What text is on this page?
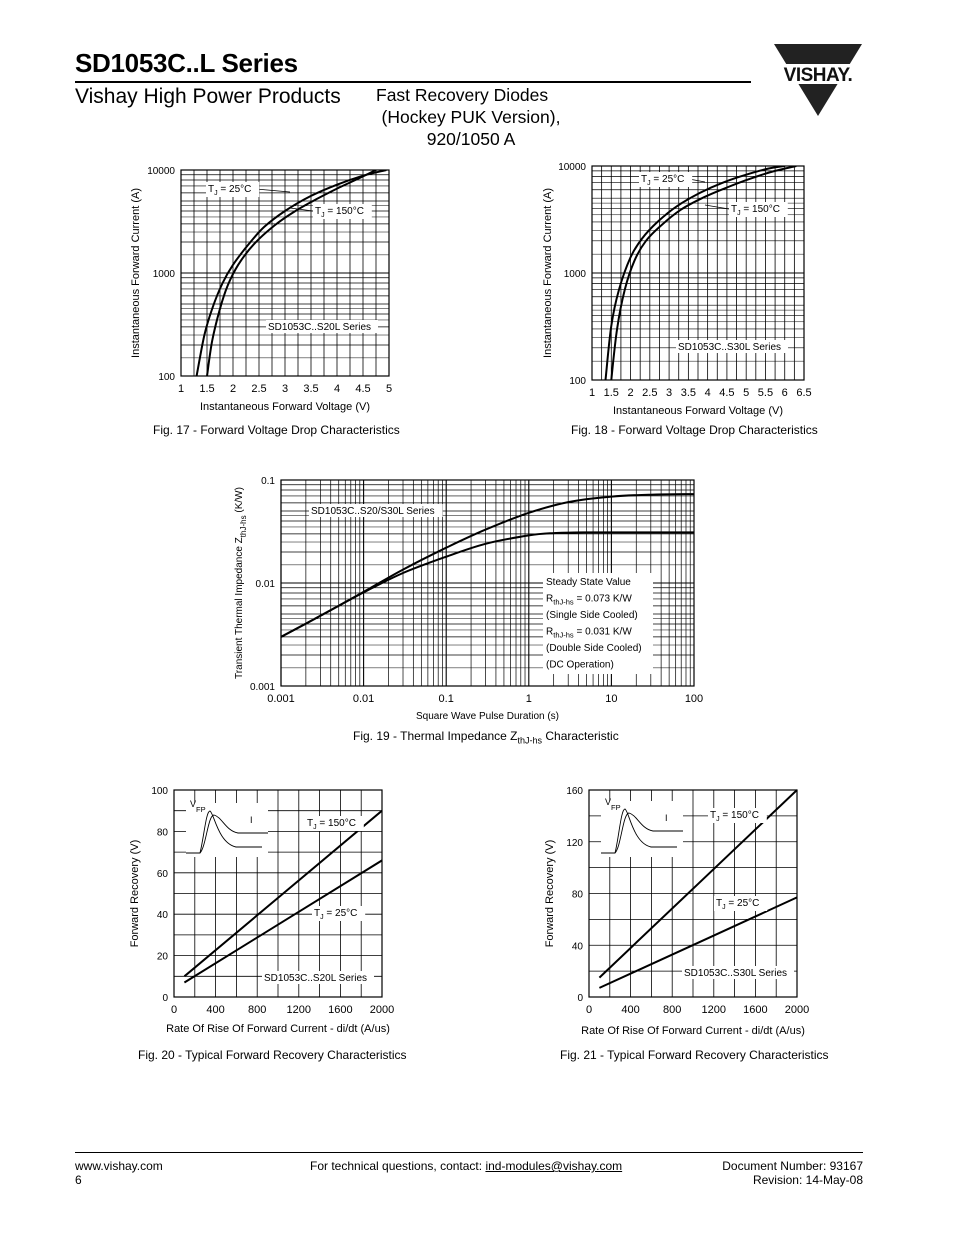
SD1053C..L Series
Vishay High Power Products Fast Recovery Diodes
(Hockey PUK Version),
920/1050 A
VISHAY.
1 1.5 2 2.5 3 3.5 4 4.5 5
100
1000
10000
Instantaneous Forward Voltage (V)
Instantaneous Forward Current (A)	SD1053C..S20L Series
$T_J = 25^\circ C$
$T_J = 150^\circ C$
Fig. 17 - Forward Voltage Drop Characteristics
1 1.5 2 2.5 3 3.5 4 4.5 5 5.5 6 6.5
100
1000
10000
Instantaneous Forward Voltage (V)
Instantaneous Forward Current (A)	SD1053C..S30L Series
$T_J = 25^\circ C$
$T_J = 150^\circ C$
Fig. 18 - Forward Voltage Drop Characteristics
0.001	0.01	0.1	1	10	100
0.001
0.01
0.1
Square Wave Pulse Duration (s)
Transient Thermal Impedance $Z_{thJ-hs}$ (K/W)	SD1053C..S20/S30L Series
Steady State Value
$R_{thJ-hs} = 0.073$ K/W
(Single Side Cooled)
$R_{thJ-hs} = 0.031$ K/W
(Double Side Cooled)
(DC Operation)
Fig. 19 - Thermal Impedance $Z_{thJ-hs}$ Characteristic
0	400 800 1200 1600 2000
0
20
40
60
80
100
Rate Of Rise Of Forward Current - di/dt (A/us)
Forward Recovery (V)
SD1053C..S20L Series
$T_J = 150^\circ C$
$T_J = 25^\circ C$
$V_{FP}$
I
Fig. 20 - Typical Forward Recovery Characteristics
0	400 800 1200 1600 2000
0
40
80
120
160
Rate Of Rise Of Forward Current - di/dt (A/us)
Forward Recovery (V)
SD1053C..S30L Series
$T_J = 150^\circ C$
$T_J = 25^\circ C$
$V_{FP}$
I
Fig. 21 - Typical Forward Recovery Characteristics
www.vishay.com
6
For technical questions, contact: ind-modules@vishay.com	Document Number: 93167
Revision: 14-May-08
